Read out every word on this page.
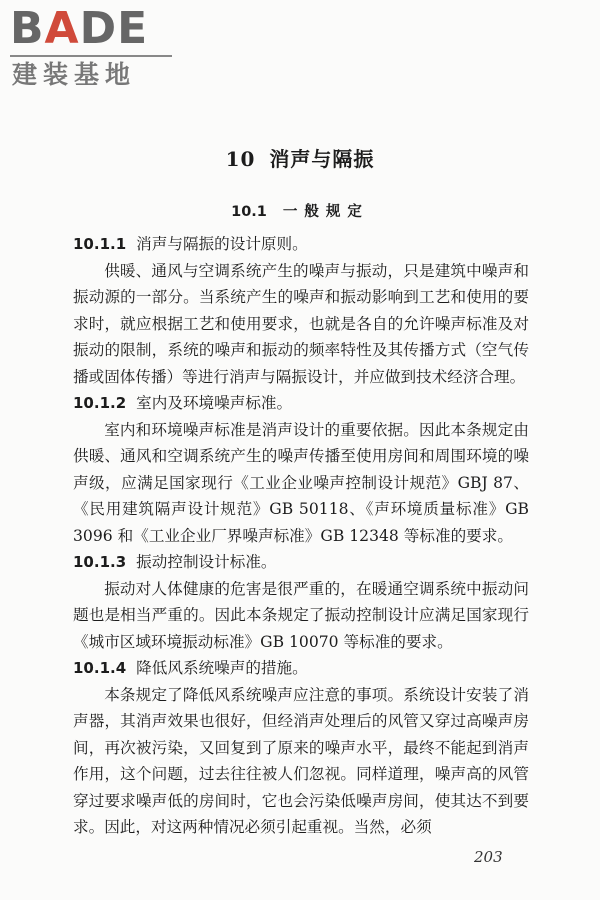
BADE
建装基地
10 消声与隔振
10.1 一般规定

10.1.1 消声与隔振的设计原则。

供暖、通风与空调系统产生的噪声与振动，只是建筑中噪声和振动源的一部分。当系统产生的噪声和振动影响到工艺和使用的要求时，就应根据工艺和使用要求，也就是各自的允许噪声标准及对振动的限制，系统的噪声和振动的频率特性及其传播方式（空气传播或固体传播）等进行消声与隔振设计，并应做到技术经济合理。

10.1.2 室内及环境噪声标准。

室内和环境噪声标准是消声设计的重要依据。因此本条规定由供暖、通风和空调系统产生的噪声传播至使用房间和周围环境的噪声级，应满足国家现行《工业企业噪声控制设计规范》GBJ 87、《民用建筑隔声设计规范》GB 50118、《声环境质量标准》GB 3096 和《工业企业厂界噪声标准》GB 12348 等标准的要求。

10.1.3 振动控制设计标准。

振动对人体健康的危害是很严重的，在暖通空调系统中振动问题也是相当严重的。因此本条规定了振动控制设计应满足国家现行《城市区域环境振动标准》GB 10070 等标准的要求。

10.1.4 降低风系统噪声的措施。

本条规定了降低风系统噪声应注意的事项。系统设计安装了消声器，其消声效果也很好，但经消声处理后的风管又穿过高噪声房间，再次被污染，又回复到了原来的噪声水平，最终不能起到消声作用，这个问题，过去往往被人们忽视。同样道理，噪声高的风管穿过要求噪声低的房间时，它也会污染低噪声房间，使其达不到要求。因此，对这两种情况必须引起重视。当然，必须

203
